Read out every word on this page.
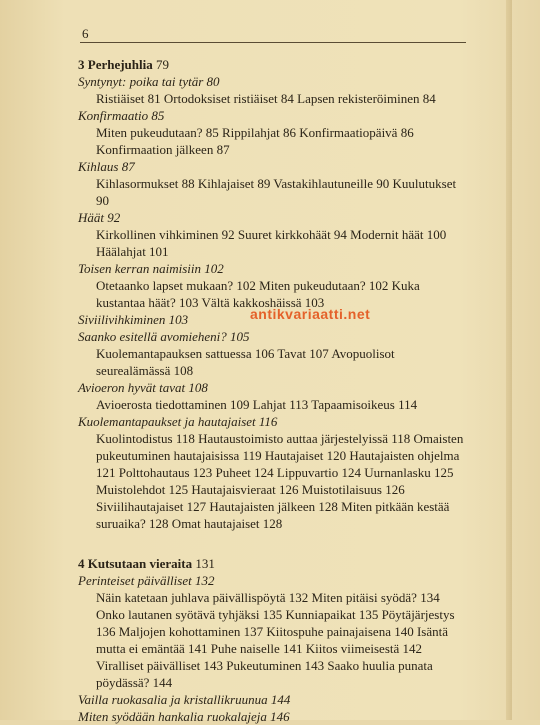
6
3 Perhejuhlia 79
Syntynyt: poika tai tytär 80
Ristiäiset 81 Ortodoksiset ristiäiset 84 Lapsen rekisteröiminen 84
Konfirmaatio 85
Miten pukeudutaan? 85 Rippilahjat 86 Konfirmaatiopäivä 86 Konfirmaation jälkeen 87
Kihlaus 87
Kihlasormukset 88 Kihlajaiset 89 Vastakihlautuneille 90 Kuulutukset 90
Häät 92
Kirkollinen vihkiminen 92 Suuret kirkkohäät 94 Modernit häät 100 Häälahjat 101
Toisen kerran naimisiin 102
Otetaanko lapset mukaan? 102 Miten pukeudutaan? 102 Kuka kustantaa häät? 103 Vältä kakkoshäissä 103
Siviilivihkiminen 103
Saanko esitellä avomieheni? 105
Kuolemantapauksen sattuessa 106 Tavat 107 Avopuolisot seurealämässä 108
Avioeron hyvät tavat 108
Avioerosta tiedottaminen 109 Lahjat 113 Tapaamisoikeus 114
Kuolemantapaukset ja hautajaiset 116
Kuolintodistus 118 Hautaustoimisto auttaa järjestelyissä 118 Omaisten pukeutuminen hautajaisissa 119 Hautajaiset 120 Hautajaisten ohjelma 121 Polttohautaus 123 Puheet 124 Lippuvartio 124 Uurnanlasku 125 Muistolehdot 125 Hautajaisvieraat 126 Muistotilaisuus 126 Siviilihautajaiset 127 Hautajaisten jälkeen 128 Miten pitkään kestää suruaika? 128 Omat hautajaiset 128
4 Kutsutaan vieraita 131
Perinteiset päivälliset 132
Näin katetaan juhlava päivällispöytä 132 Miten pitäisi syödä? 134 Onko lautanen syötävä tyhjäksi 135 Kunniapaikat 135 Pöytäjärjestys 136 Maljojen kohottaminen 137 Kiitospuhe painajaisena 140 Isäntä mutta ei emäntää 141 Puhe naiselle 141 Kiitos viimeisestä 142 Viralliset päivälliset 143 Pukeutuminen 143 Saako huulia punata pöydässä? 144
Vailla ruokasalia ja kristallikruunua 144
Miten syödään hankalia ruokalajeja 146
antikvariaatti.net
